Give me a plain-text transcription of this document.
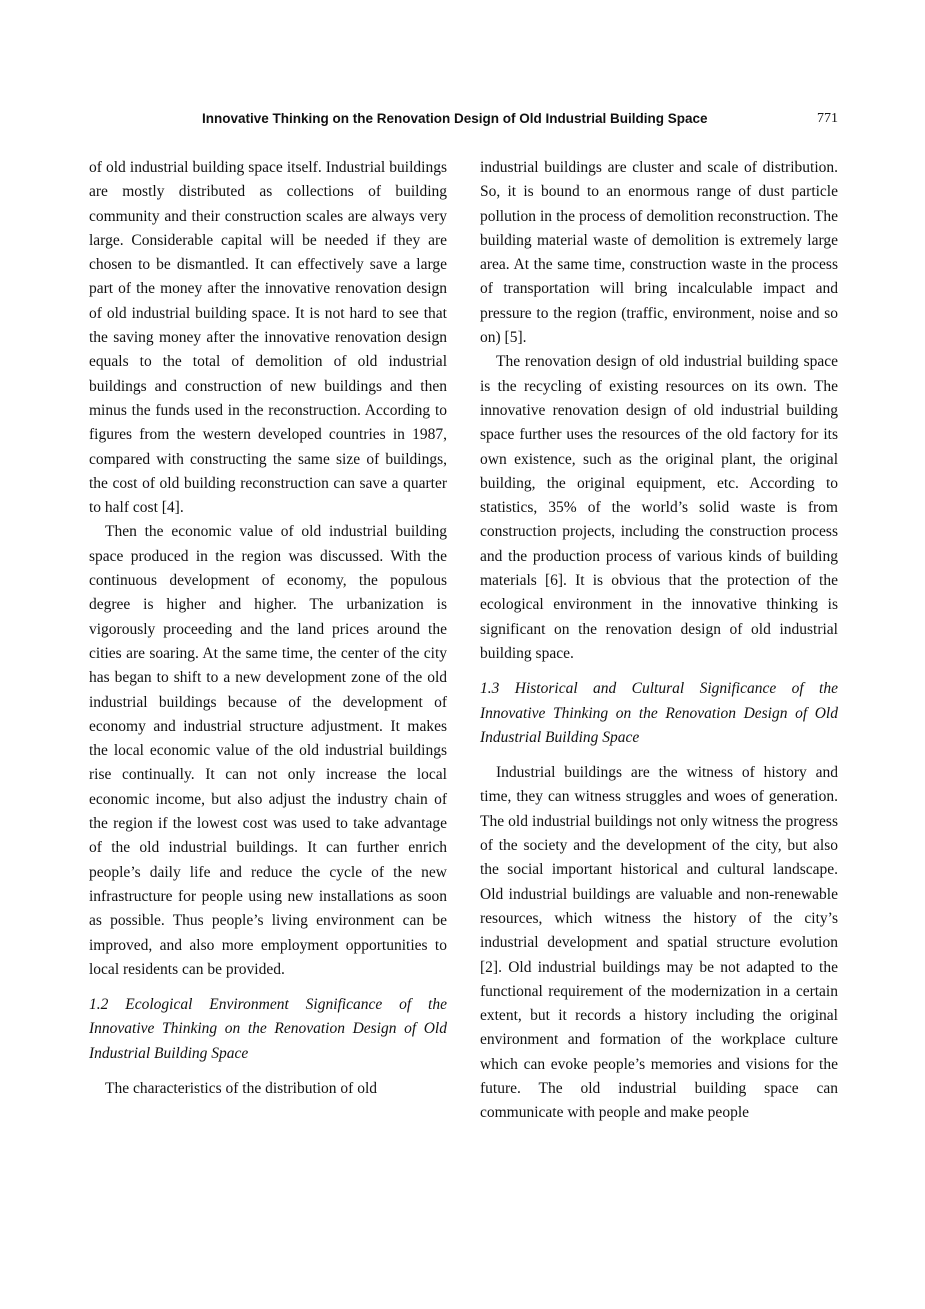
Innovative Thinking on the Renovation Design of Old Industrial Building Space	771

of old industrial building space itself. Industrial buildings are mostly distributed as collections of building community and their construction scales are always very large. Considerable capital will be needed if they are chosen to be dismantled. It can effectively save a large part of the money after the innovative renovation design of old industrial building space. It is not hard to see that the saving money after the innovative renovation design equals to the total of demolition of old industrial buildings and construction of new buildings and then minus the funds used in the reconstruction. According to figures from the western developed countries in 1987, compared with constructing the same size of buildings, the cost of old building reconstruction can save a quarter to half cost [4].

Then the economic value of old industrial building space produced in the region was discussed. With the continuous development of economy, the populous degree is higher and higher. The urbanization is vigorously proceeding and the land prices around the cities are soaring. At the same time, the center of the city has began to shift to a new development zone of the old industrial buildings because of the development of economy and industrial structure adjustment. It makes the local economic value of the old industrial buildings rise continually. It can not only increase the local economic income, but also adjust the industry chain of the region if the lowest cost was used to take advantage of the old industrial buildings. It can further enrich people’s daily life and reduce the cycle of the new infrastructure for people using new installations as soon as possible. Thus people’s living environment can be improved, and also more employment opportunities to local residents can be provided.

1.2 Ecological Environment Significance of the Innovative Thinking on the Renovation Design of Old Industrial Building Space

The characteristics of the distribution of old

industrial buildings are cluster and scale of distribution. So, it is bound to an enormous range of dust particle pollution in the process of demolition reconstruction. The building material waste of demolition is extremely large area. At the same time, construction waste in the process of transportation will bring incalculable impact and pressure to the region (traffic, environment, noise and so on) [5].

The renovation design of old industrial building space is the recycling of existing resources on its own. The innovative renovation design of old industrial building space further uses the resources of the old factory for its own existence, such as the original plant, the original building, the original equipment, etc. According to statistics, 35% of the world’s solid waste is from construction projects, including the construction process and the production process of various kinds of building materials [6]. It is obvious that the protection of the ecological environment in the innovative thinking is significant on the renovation design of old industrial building space.

1.3 Historical and Cultural Significance of the Innovative Thinking on the Renovation Design of Old Industrial Building Space

Industrial buildings are the witness of history and time, they can witness struggles and woes of generation. The old industrial buildings not only witness the progress of the society and the development of the city, but also the social important historical and cultural landscape. Old industrial buildings are valuable and non-renewable resources, which witness the history of the city’s industrial development and spatial structure evolution [2]. Old industrial buildings may be not adapted to the functional requirement of the modernization in a certain extent, but it records a history including the original environment and formation of the workplace culture which can evoke people’s memories and visions for the future. The old industrial building space can communicate with people and make people
